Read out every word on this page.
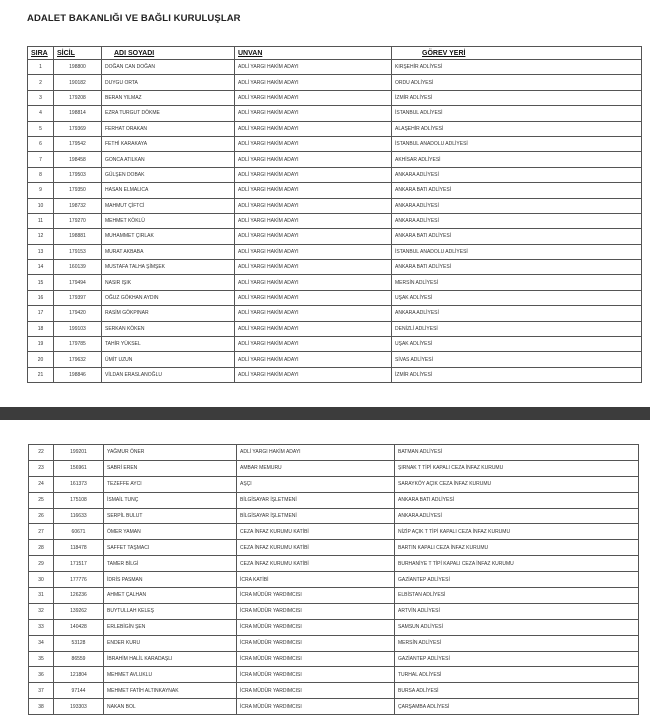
ADALET BAKANLIĞI VE BAĞLI KURULUŞLAR
SIRA	SİCİL	ADI SOYADI	UNVAN	GÖREV YERİ
1	198800	DOĞAN CAN DOĞAN	ADLİ YARGI HAKİM ADAYI	KIRŞEHİR ADLİYESİ
2	190182	DUYGU ORTA	ADLİ YARGI HAKİM ADAYI	ORDU ADLİYESİ
3	179208	BERAN YILMAZ	ADLİ YARGI HAKİM ADAYI	İZMİR ADLİYESİ
4	198814	EZRA TURGUT DÖKME	ADLİ YARGI HAKİM ADAYI	İSTANBUL ADLİYESİ
5	179369	FERHAT ORAKAN	ADLİ YARGI HAKİM ADAYI	ALAŞEHİR ADLİYESİ
6	179542	FETHİ KARAKAYA	ADLİ YARGI HAKİM ADAYI	İSTANBUL ANADOLU ADLİYESİ
7	198458	GONCA ATILKAN	ADLİ YARGI HAKİM ADAYI	AKHİSAR ADLİYESİ
8	179503	GÜLŞEN DOBAK	ADLİ YARGI HAKİM ADAYI	ANKARA ADLİYESİ
9	179350	HASAN ELMALICA	ADLİ YARGI HAKİM ADAYI	ANKARA BATI ADLİYESİ
10	198732	MAHMUT ÇİFTCİ	ADLİ YARGI HAKİM ADAYI	ANKARA ADLİYESİ
11	179270	MEHMET KÖKLÜ	ADLİ YARGI HAKİM ADAYI	ANKARA ADLİYESİ
12	198881	MUHAMMET ÇIRLAK	ADLİ YARGI HAKİM ADAYI	ANKARA BATI ADLİYESİ
13	179153	MURAT AKBABA	ADLİ YARGI HAKİM ADAYI	İSTANBUL ANADOLU ADLİYESİ
14	160139	MUSTAFA TALHA ŞİMŞEK	ADLİ YARGI HAKİM ADAYI	ANKARA BATI ADLİYESİ
15	179494	NASIR IŞIK	ADLİ YARGI HAKİM ADAYI	MERSİN ADLİYESİ
16	179397	OĞUZ GÖKHAN AYDIN	ADLİ YARGI HAKİM ADAYI	UŞAK ADLİYESİ
17	179420	RASİM GÖKPINAR	ADLİ YARGI HAKİM ADAYI	ANKARA ADLİYESİ
18	199103	SERKAN KÖKEN	ADLİ YARGI HAKİM ADAYI	DENİZLİ ADLİYESİ
19	179785	TAHİR YÜKSEL	ADLİ YARGI HAKİM ADAYI	UŞAK ADLİYESİ
20	179632	ÜMİT UZUN	ADLİ YARGI HAKİM ADAYI	SİVAS ADLİYESİ
21	198846	VİLDAN ERASLANOĞLU	ADLİ YARGI HAKİM ADAYI	İZMİR ADLİYESİ
22	199201	YAĞMUR ÖNER	ADLİ YARGI HAKİM ADAYI	BATMAN ADLİYESİ
23	156961	SABRİ EREN	AMBAR MEMURU	ŞIRNAK T TİPİ KAPALI CEZA İNFAZ KURUMU
24	161373	TEZEFFE AYCI	AŞÇI	SARAYKÖY AÇIK CEZA İNFAZ KURUMU
25	175108	İSMAİL TUNÇ	BİLGİSAYAR İŞLETMENİ	ANKARA BATI ADLİYESİ
26	116633	SERPİL BULUT	BİLGİSAYAR İŞLETMENİ	ANKARA ADLİYESİ
27	60671	ÖMER YAMAN	CEZA İNFAZ KURUMU KATİBİ	NİZİP AÇIK T TİPİ KAPALI CEZA İNFAZ KURUMU
28	118478	SAFFET TAŞMACI	CEZA İNFAZ KURUMU KATİBİ	BARTIN KAPALI CEZA İNFAZ KURUMU
29	171517	TAMER BİLGİ	CEZA İNFAZ KURUMU KATİBİ	BURHANİYE T TİPİ KAPALI CEZA İNFAZ KURUMU
30	177776	İDRİS PASMAN	İCRA KATİBİ	GAZİANTEP ADLİYESİ
31	126236	AHMET ÇALHAN	İCRA MÜDÜR YARDIMCISI	ELBİSTAN ADLİYESİ
32	139262	BUYTULLAH KELEŞ	İCRA MÜDÜR YARDIMCISI	ARTVİN ADLİYESİ
33	140428	ERLEBİGİN ŞEN	İCRA MÜDÜR YARDIMCISI	SAMSUN ADLİYESİ
34	53128	ENDER KURU	İCRA MÜDÜR YARDIMCISI	MERSİN ADLİYESİ
35	86559	İBRAHİM HALİL KARADAŞLI	İCRA MÜDÜR YARDIMCISI	GAZİANTEP ADLİYESİ
36	121804	MEHMET AVLUKLU	İCRA MÜDÜR YARDIMCISI	TURHAL ADLİYESİ
37	97144	MEHMET FATİH ALTINKAYNAK	İCRA MÜDÜR YARDIMCISI	BURSA ADLİYESİ
38	193303	NAKAN BOL	İCRA MÜDÜR YARDIMCISI	ÇARŞAMBA ADLİYESİ
